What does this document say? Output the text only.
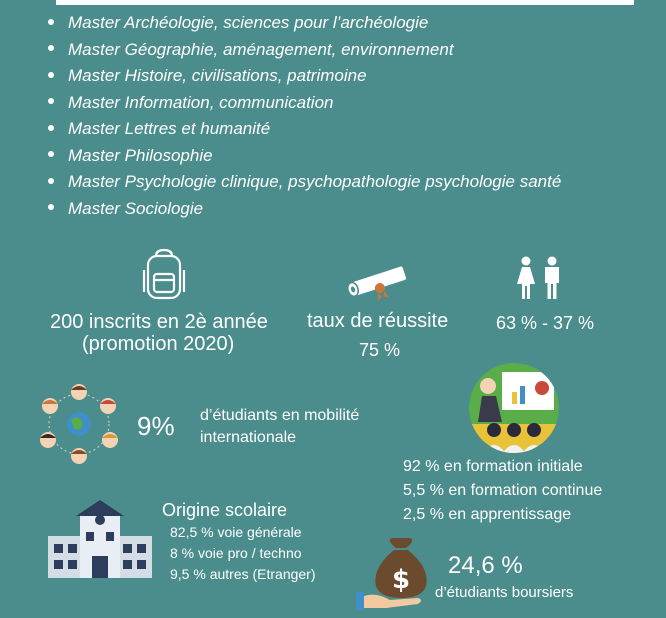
Master Archéologie, sciences pour l’archéologie
Master Géographie, aménagement, environnement
Master Histoire, civilisations, patrimoine
Master Information, communication
Master Lettres et humanité
Master Philosophie
Master Psychologie clinique, psychopathologie psychologie santé
Master Sociologie
200 inscrits en 2è année
(promotion 2020)
taux de réussite
75 %
63 % - 37 %
9% d’étudiants en mobilité
internationale
92 % en formation initiale
5,5 % en formation continue
2,5 % en apprentissage
Origine scolaire
82,5 % voie générale
8 % voie pro / techno
9,5 % autres (Etranger)	$ 24,6 %
d’étudiants boursiers
